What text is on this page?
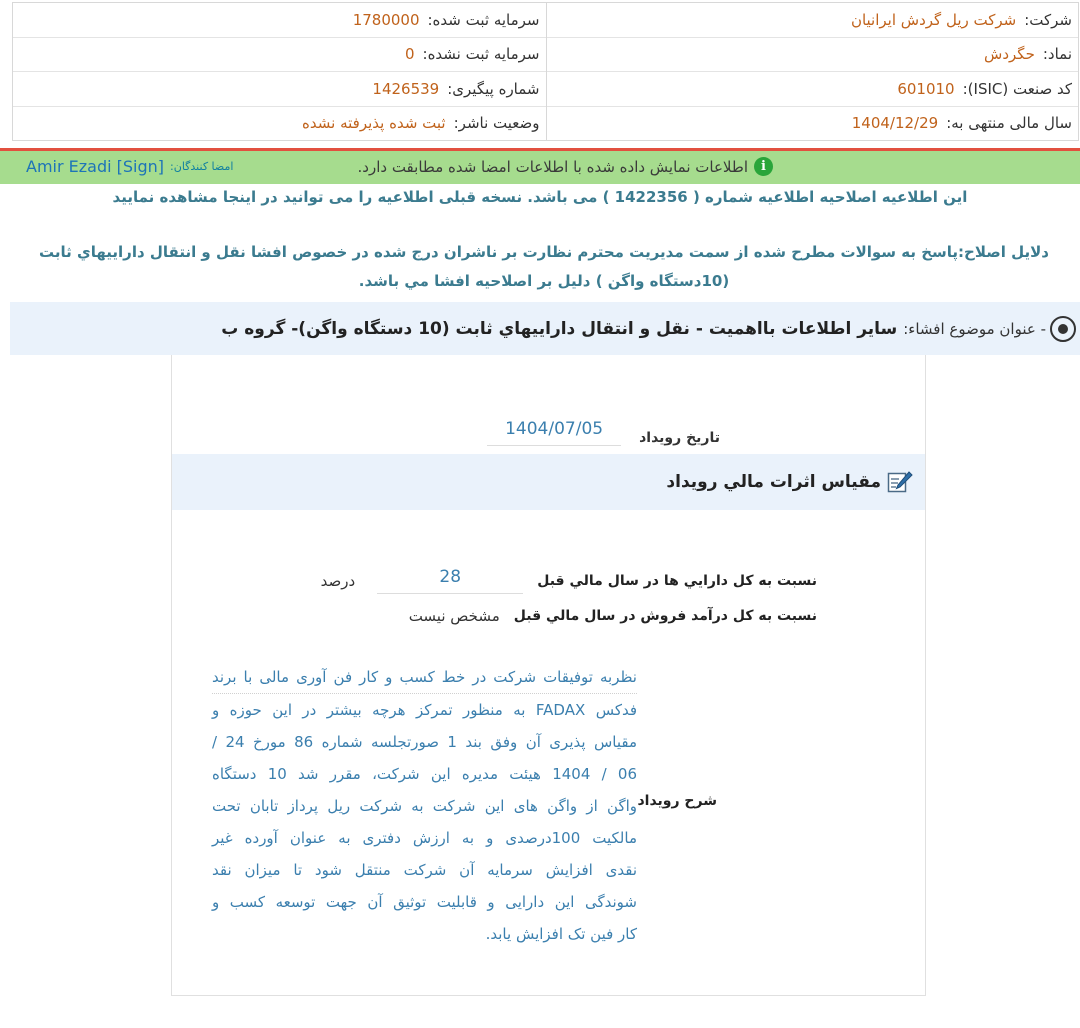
شرکت:
شرکت ریل گردش ایرانیان
نماد:
حگردش
کد صنعت (ISIC):
601010
سال مالی منتهی به:
1404/12/29
سرمایه ثبت شده:
1780000
سرمایه ثبت نشده:
0
شماره پیگیری:
1426539
وضعیت ناشر:
ثبت شده پذیرفته نشده
i
اطلاعات نمایش داده شده با اطلاعات امضا شده مطابقت دارد.
امضا کنندگان:
Amir Ezadi [Sign]
این اطلاعیه اصلاحیه اطلاعیه شماره ( 1422356 ) می باشد. نسخه قبلی اطلاعیه را می توانید در اینجا مشاهده نمایید
دلایل اصلاح:پاسخ به سوالات مطرح شده از سمت مدیریت محترم نظارت بر ناشران درج شده در خصوص افشا نقل و انتقال داراییهاي ثابت (10دستگاه واگن ) دلیل بر اصلاحیه افشا مي باشد.
- عنوان موضوع افشاء:
سایر اطلاعات بااهمیت - نقل و انتقال داراييهاي ثابت (10 دستگاه واگن)- گروه ب
تاريخ رويداد
1404/07/05
مقياس اثرات مالي رويداد
نسبت به کل دارايي ها در سال مالي قبل
28
درصد
نسبت به کل درآمد فروش در سال مالي قبل
مشخص نیست
شرح رويداد
نظربه توفیقات شرکت در خط کسب و کار فن آوری مالی با برند
فدکس FADAX به منظور تمرکز هرچه بیشتر در این حوزه و
مقیاس پذیری آن وفق بند 1 صورتجلسه شماره 86 مورخ 24 /
06 / 1404 هیئت مدیره این شرکت، مقرر شد 10 دستگاه
واگن از واگن های این شرکت به شرکت ریل پرداز تابان تحت
مالکیت 100درصدی و به ارزش دفتری به عنوان آورده غیر
نقدی افزایش سرمایه آن شرکت منتقل شود تا میزان نقد
شوندگی این دارایی و قابلیت توثیق آن جهت توسعه کسب و
کار فین تک افزایش یابد.
